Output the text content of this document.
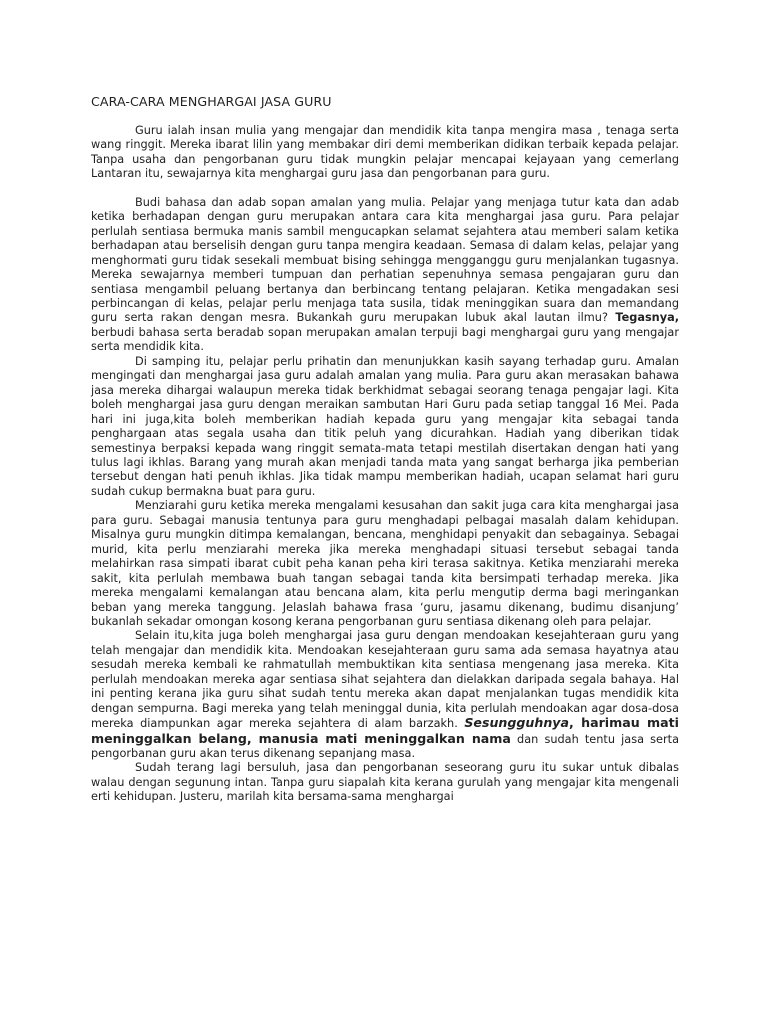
CARA-CARA MENGHARGAI JASA GURU

Guru ialah insan mulia yang mengajar dan mendidik kita tanpa mengira masa , tenaga serta wang ringgit. Mereka ibarat lilin yang membakar diri demi memberikan didikan terbaik kepada pelajar. Tanpa usaha dan pengorbanan guru tidak mungkin pelajar mencapai kejayaan yang cemerlang Lantaran itu, sewajarnya kita menghargai guru jasa dan pengorbanan para guru.

Budi bahasa dan adab sopan amalan yang mulia. Pelajar yang menjaga tutur kata dan adab ketika berhadapan dengan guru merupakan antara cara kita menghargai jasa guru. Para pelajar perlulah sentiasa bermuka manis sambil mengucapkan selamat sejahtera atau memberi salam ketika berhadapan atau berselisih dengan guru tanpa mengira keadaan. Semasa di dalam kelas, pelajar yang menghormati guru tidak sesekali membuat bising sehingga mengganggu guru menjalankan tugasnya. Mereka sewajarnya memberi tumpuan dan perhatian sepenuhnya semasa pengajaran guru dan sentiasa mengambil peluang bertanya dan berbincang tentang pelajaran. Ketika mengadakan sesi perbincangan di kelas, pelajar perlu menjaga tata susila, tidak meninggikan suara dan memandang guru serta rakan dengan mesra. Bukankah guru merupakan lubuk akal lautan ilmu? Tegasnya, berbudi bahasa serta beradab sopan merupakan amalan terpuji bagi menghargai guru yang mengajar serta mendidik kita.

Di samping itu, pelajar perlu prihatin dan menunjukkan kasih sayang terhadap guru. Amalan mengingati dan menghargai jasa guru adalah amalan yang mulia. Para guru akan merasakan bahawa jasa mereka dihargai walaupun mereka tidak berkhidmat sebagai seorang tenaga pengajar lagi. Kita boleh menghargai jasa guru dengan meraikan sambutan Hari Guru pada setiap tanggal 16 Mei. Pada hari ini juga,kita boleh memberikan hadiah kepada guru yang mengajar kita sebagai tanda penghargaan atas segala usaha dan titik peluh yang dicurahkan. Hadiah yang diberikan tidak semestinya berpaksi kepada wang ringgit semata-mata tetapi mestilah disertakan dengan hati yang tulus lagi ikhlas. Barang yang murah akan menjadi tanda mata yang sangat berharga jika pemberian tersebut dengan hati penuh ikhlas. Jika tidak mampu memberikan hadiah, ucapan selamat hari guru sudah cukup bermakna buat para guru.

Menziarahi guru ketika mereka mengalami kesusahan dan sakit juga cara kita menghargai jasa para guru. Sebagai manusia tentunya para guru menghadapi pelbagai masalah dalam kehidupan. Misalnya guru mungkin ditimpa kemalangan, bencana, menghidapi penyakit dan sebagainya. Sebagai murid, kita perlu menziarahi mereka jika mereka menghadapi situasi tersebut sebagai tanda melahirkan rasa simpati ibarat cubit peha kanan peha kiri terasa sakitnya. Ketika menziarahi mereka sakit, kita perlulah membawa buah tangan sebagai tanda kita bersimpati terhadap mereka. Jika mereka mengalami kemalangan atau bencana alam, kita perlu mengutip derma bagi meringankan beban yang mereka tanggung. Jelaslah bahawa frasa ‘guru, jasamu dikenang, budimu disanjung’ bukanlah sekadar omongan kosong kerana pengorbanan guru sentiasa dikenang oleh para pelajar.

Selain itu,kita juga boleh menghargai jasa guru dengan mendoakan kesejahteraan guru yang telah mengajar dan mendidik kita. Mendoakan kesejahteraan guru sama ada semasa hayatnya atau sesudah mereka kembali ke rahmatullah membuktikan kita sentiasa mengenang jasa mereka. Kita perlulah mendoakan mereka agar sentiasa sihat sejahtera dan dielakkan daripada segala bahaya. Hal ini penting kerana jika guru sihat sudah tentu mereka akan dapat menjalankan tugas mendidik kita dengan sempurna. Bagi mereka yang telah meninggal dunia, kita perlulah mendoakan agar dosa-dosa mereka diampunkan agar mereka sejahtera di alam barzakh. Sesungguhnya, harimau mati meninggalkan belang, manusia mati meninggalkan nama dan sudah tentu jasa serta pengorbanan guru akan terus dikenang sepanjang masa.

Sudah terang lagi bersuluh, jasa dan pengorbanan seseorang guru itu sukar untuk dibalas walau dengan segunung intan. Tanpa guru siapalah kita kerana gurulah yang mengajar kita mengenali erti kehidupan. Justeru, marilah kita bersama-sama menghargai
